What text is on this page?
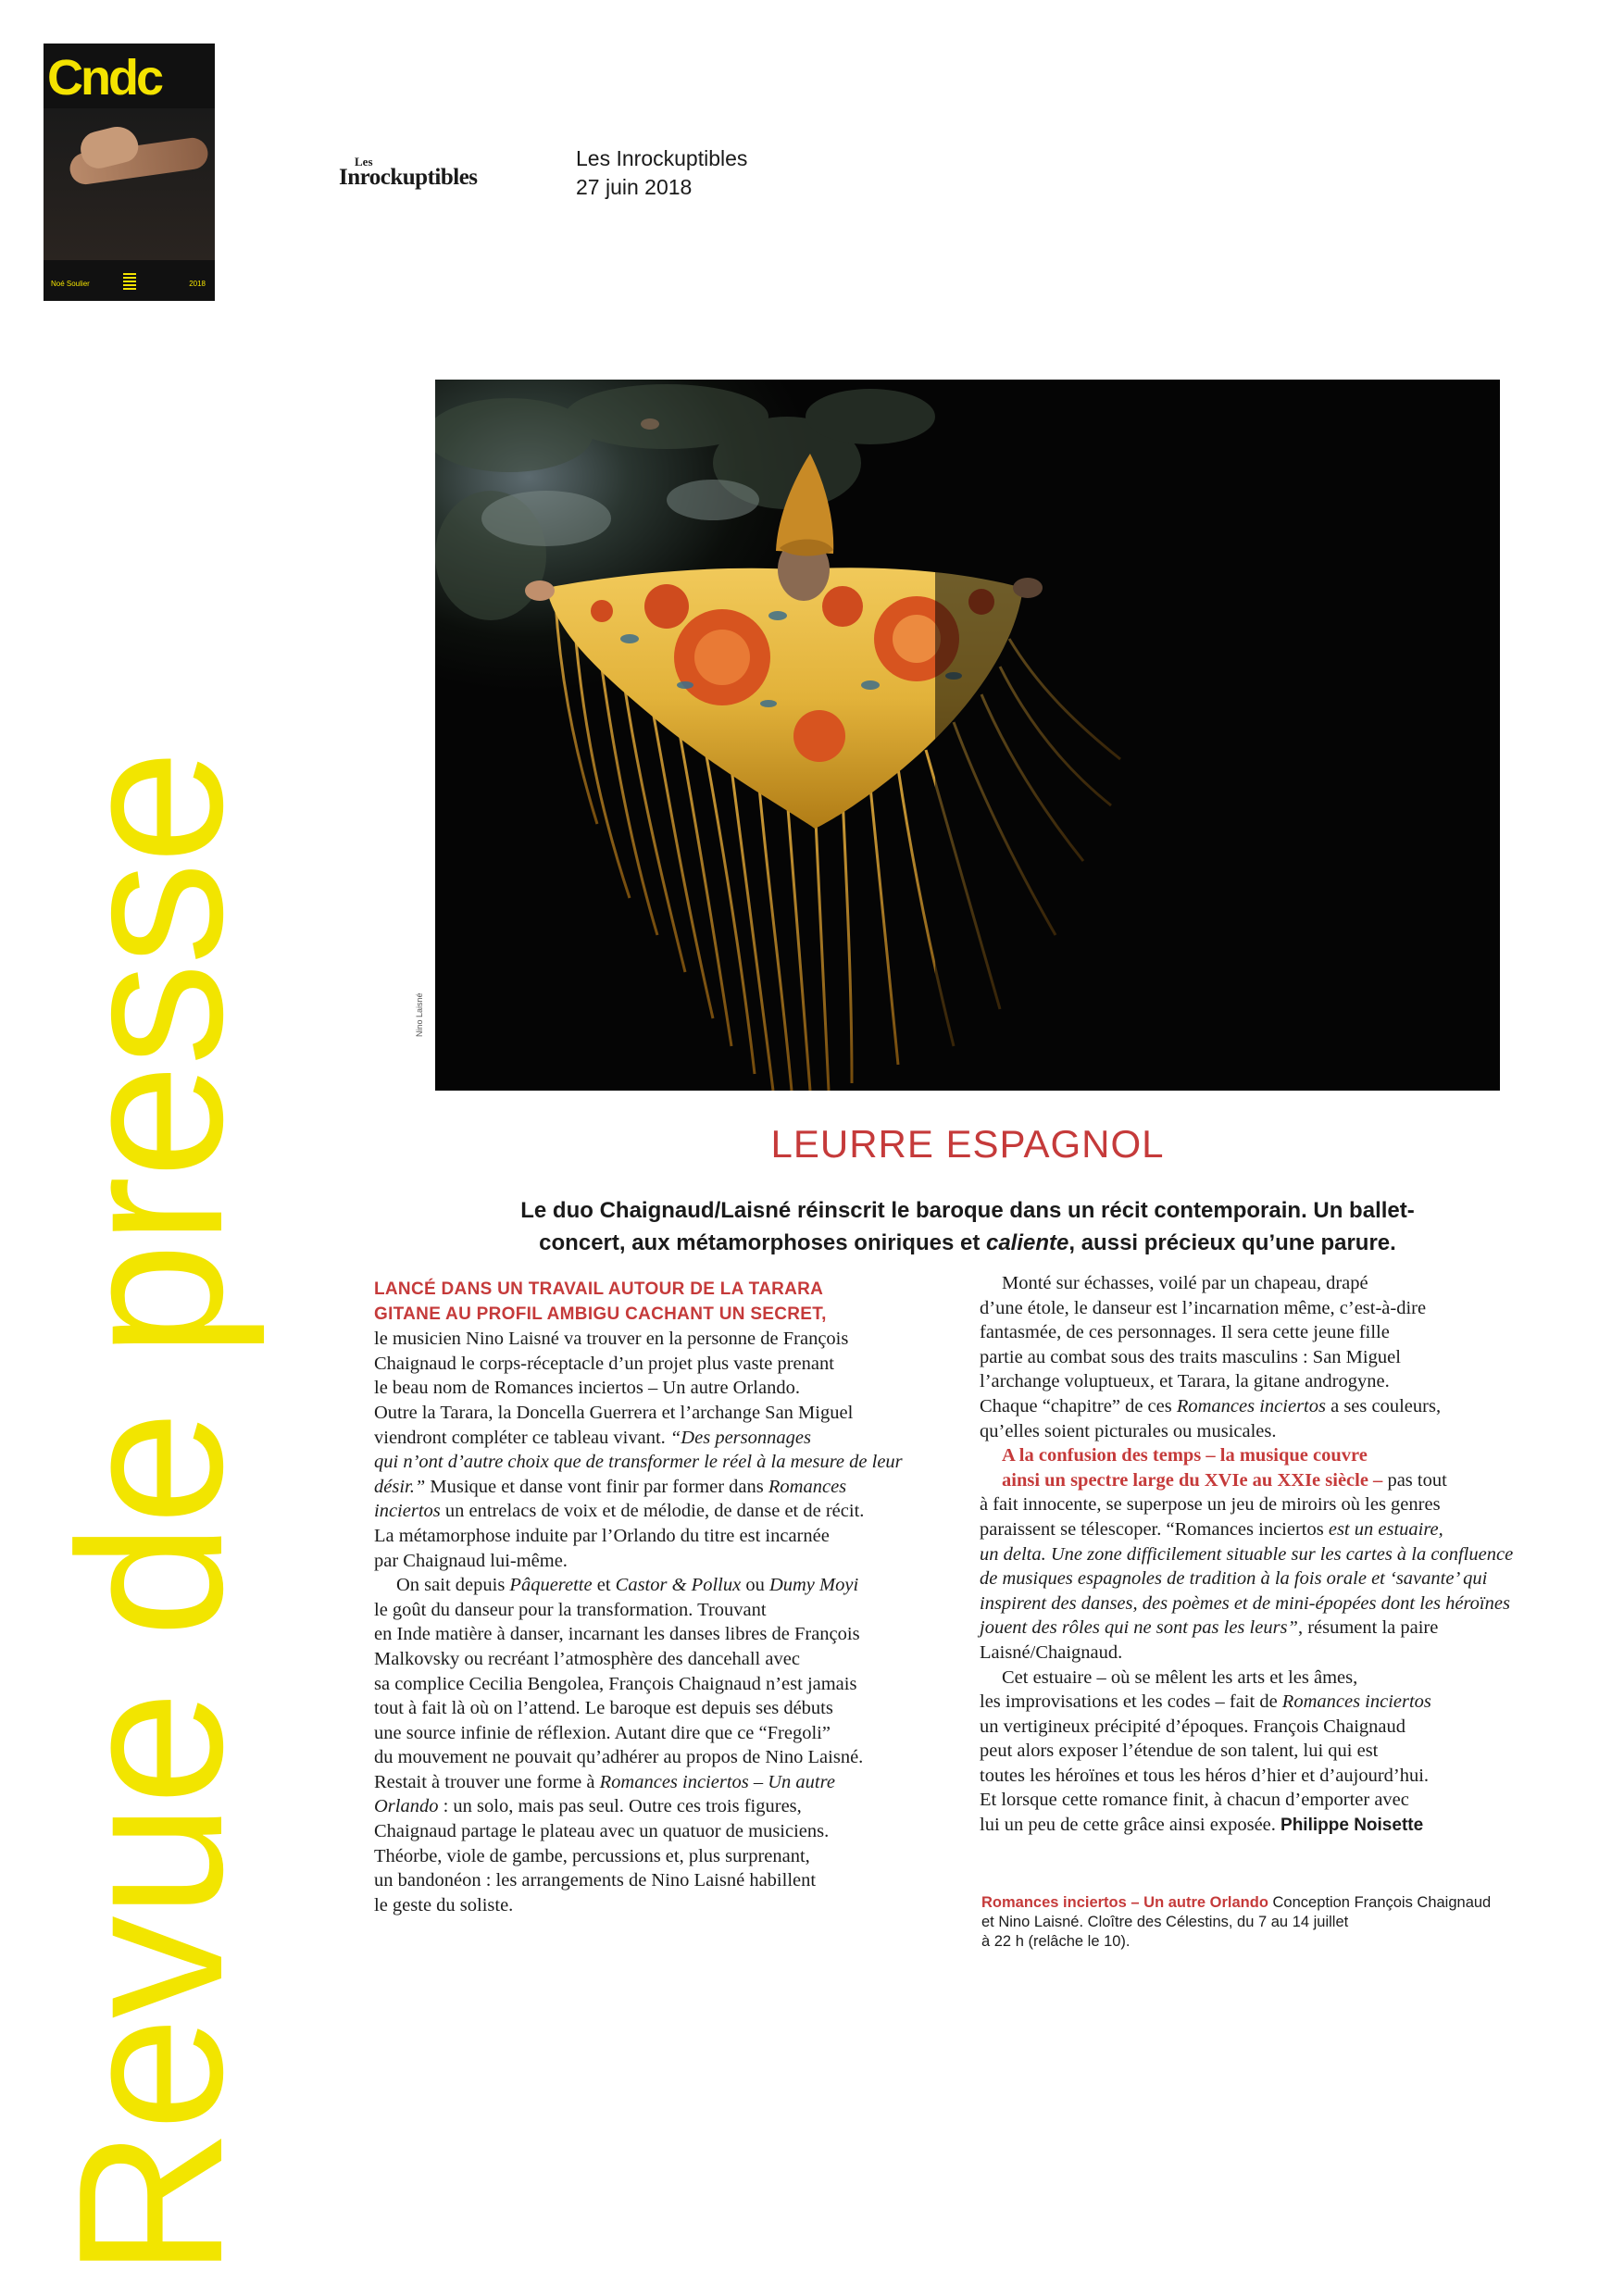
Cndc
Noé Soulier	2018
Les
Inrockuptibles
Les Inrockuptibles
27 juin 2018
Revue de presse	Nino Laisné
LEURRE ESPAGNOL
Le duo Chaignaud/Laisné réinscrit le baroque dans un récit contemporain. Un ballet-
concert, aux métamorphoses oniriques et caliente, aussi précieux qu’une parure.
LANCÉ DANS UN TRAVAIL AUTOUR DE LA TARARA
GITANE AU PROFIL AMBIGU CACHANT UN SECRET,
le musicien Nino Laisné va trouver en la personne de François
Chaignaud le corps-réceptacle d’un projet plus vaste prenant
le beau nom de Romances inciertos – Un autre Orlando.
Outre la Tarara, la Doncella Guerrera et l’archange San Miguel
viendront compléter ce tableau vivant. “Des personnages
qui n’ont d’autre choix que de transformer le réel à la mesure de leur
désir.” Musique et danse vont finir par former dans Romances
inciertos un entrelacs de voix et de mélodie, de danse et de récit.
La métamorphose induite par l’Orlando du titre est incarnée
par Chaignaud lui-même.
On sait depuis Pâquerette et Castor & Pollux ou Dumy Moyi
le goût du danseur pour la transformation. Trouvant
en Inde matière à danser, incarnant les danses libres de François
Malkovsky ou recréant l’atmosphère des dancehall avec
sa complice Cecilia Bengolea, François Chaignaud n’est jamais
tout à fait là où on l’attend. Le baroque est depuis ses débuts
une source infinie de réflexion. Autant dire que ce “Fregoli”
du mouvement ne pouvait qu’adhérer au propos de Nino Laisné.
Restait à trouver une forme à Romances inciertos – Un autre
Orlando : un solo, mais pas seul. Outre ces trois figures,
Chaignaud partage le plateau avec un quatuor de musiciens.
Théorbe, viole de gambe, percussions et, plus surprenant,
un bandonéon : les arrangements de Nino Laisné habillent
le geste du soliste.
Monté sur échasses, voilé par un chapeau, drapé
d’une étole, le danseur est l’incarnation même, c’est-à-dire
fantasmée, de ces personnages. Il sera cette jeune fille
partie au combat sous des traits masculins : San Miguel
l’archange voluptueux, et Tarara, la gitane androgyne.
Chaque “chapitre” de ces Romances inciertos a ses couleurs,
qu’elles soient picturales ou musicales.
A la confusion des temps – la musique couvre
ainsi un spectre large du XVIe au XXIe siècle – pas tout
à fait innocente, se superpose un jeu de miroirs où les genres
paraissent se télescoper. “Romances inciertos est un estuaire,
un delta. Une zone difficilement situable sur les cartes à la confluence
de musiques espagnoles de tradition à la fois orale et ‘savante’ qui
inspirent des danses, des poèmes et de mini-épopées dont les héroïnes
jouent des rôles qui ne sont pas les leurs”, résument la paire
Laisné/Chaignaud.
Cet estuaire – où se mêlent les arts et les âmes,
les improvisations et les codes – fait de Romances inciertos
un vertigineux précipité d’époques. François Chaignaud
peut alors exposer l’étendue de son talent, lui qui est
toutes les héroïnes et tous les héros d’hier et d’aujourd’hui.
Et lorsque cette romance finit, à chacun d’emporter avec
lui un peu de cette grâce ainsi exposée. Philippe Noisette
Romances inciertos – Un autre Orlando Conception François Chaignaud
et Nino Laisné. Cloître des Célestins, du 7 au 14 juillet
à 22 h (relâche le 10).
